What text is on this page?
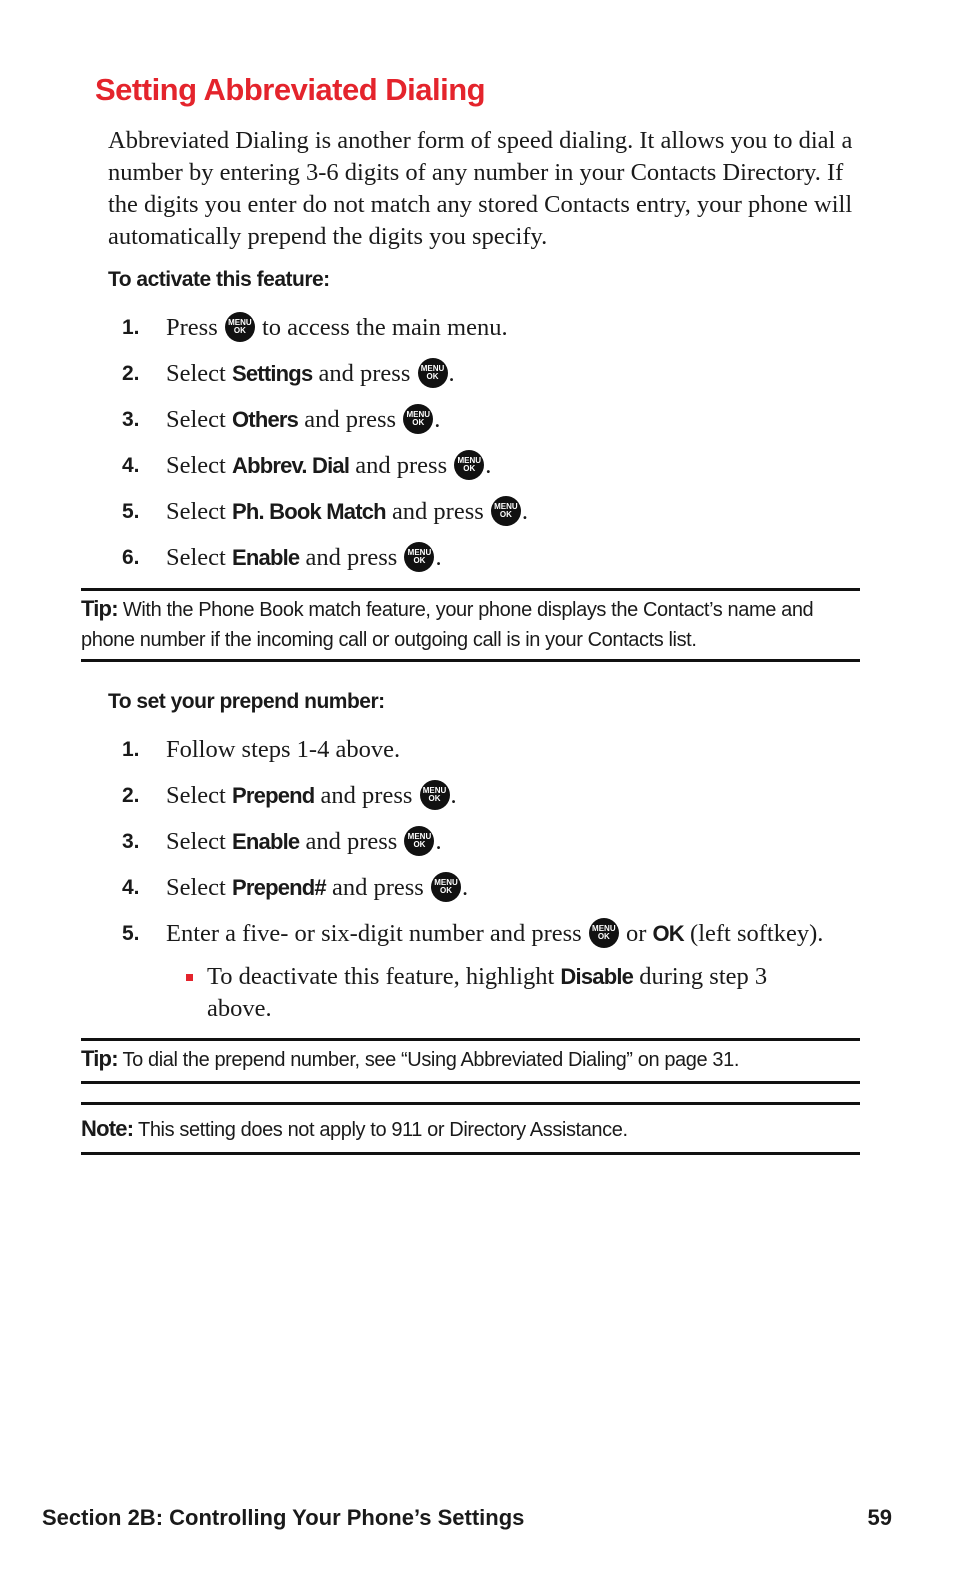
Setting Abbreviated Dialing

Abbreviated Dialing is another form of speed dialing. It allows you to dial a number by entering 3-6 digits of any number in your Contacts Directory. If the digits you enter do not match any stored Contacts entry, your phone will automatically prepend the digits you specify.

To activate this feature:

1.	Press	MENU
OK to access the main menu.
2.	Select Settings and press	MENU
OK .
3.	Select Others and press	MENU
OK .
4.	Select Abbrev. Dial and press	MENU
OK .
5.	Select Ph. Book Match and press	MENU
OK .
6.	Select Enable and press	MENU
OK .

Tip: With the Phone Book match feature, your phone displays the Contact’s name and phone number if the incoming call or outgoing call is in your Contacts list.

To set your prepend number:

1.	Follow steps 1-4 above.
2.	Select Prepend and press	MENU
OK .
3.	Select Enable and press	MENU
OK .
4.	Select Prepend# and press	MENU
OK .
5.	Enter a five- or six-digit number and press	MENU
OK or OK (left softkey).
To deactivate this feature, highlight Disable during step 3 above.

Tip: To dial the prepend number, see “Using Abbreviated Dialing” on page 31.

Note: This setting does not apply to 911 or Directory Assistance.

Section 2B: Controlling Your Phone’s Settings	59
